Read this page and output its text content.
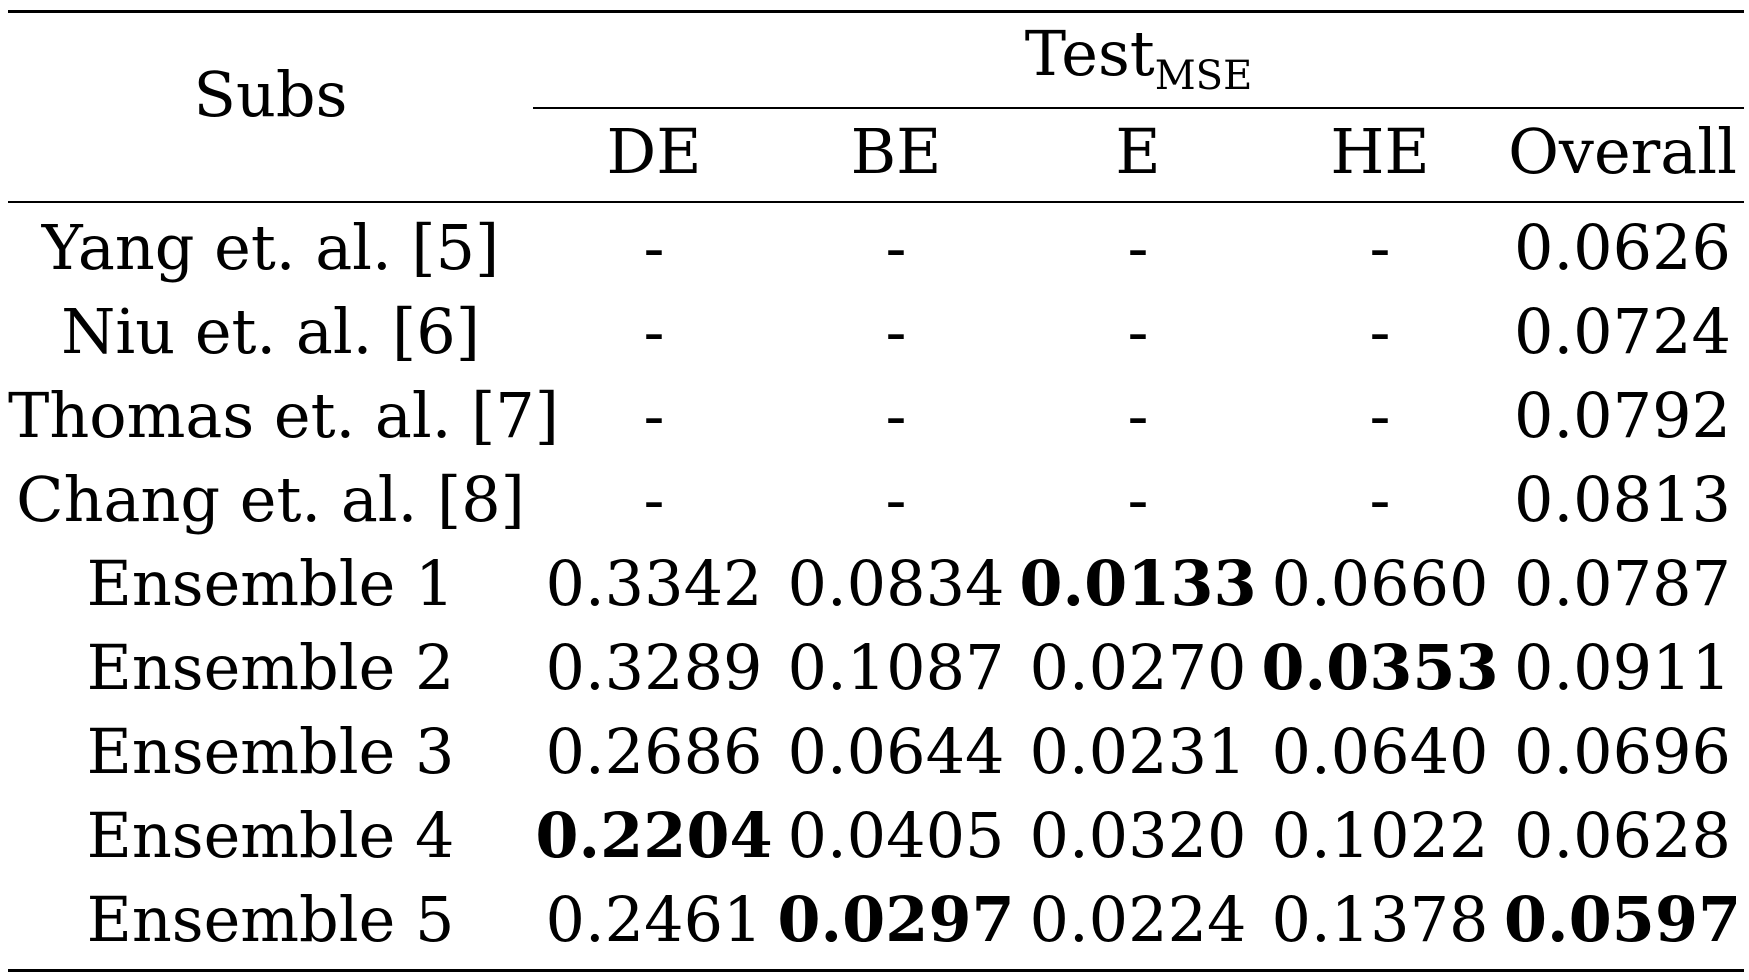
Subs
Test$_{MSE}$
DE	BE	E	HE	Overall
Yang et. al. [5]	-	-	-	-	0.0626
Niu et. al. [6]	-	-	-	-	0.0724
Thomas et. al. [7]	-	-	-	-	0.0792
Chang et. al. [8]	-	-	-	-	0.0813
Ensemble 1	0.3342 0.0834 0.0133 0.0660 0.0787
Ensemble 2	0.3289 0.1087 0.0270 0.0353 0.0911
Ensemble 3	0.2686 0.0644 0.0231 0.0640 0.0696
Ensemble 4	0.2204 0.0405 0.0320 0.1022 0.0628
Ensemble 5	0.2461 0.0297 0.0224 0.1378 0.0597
